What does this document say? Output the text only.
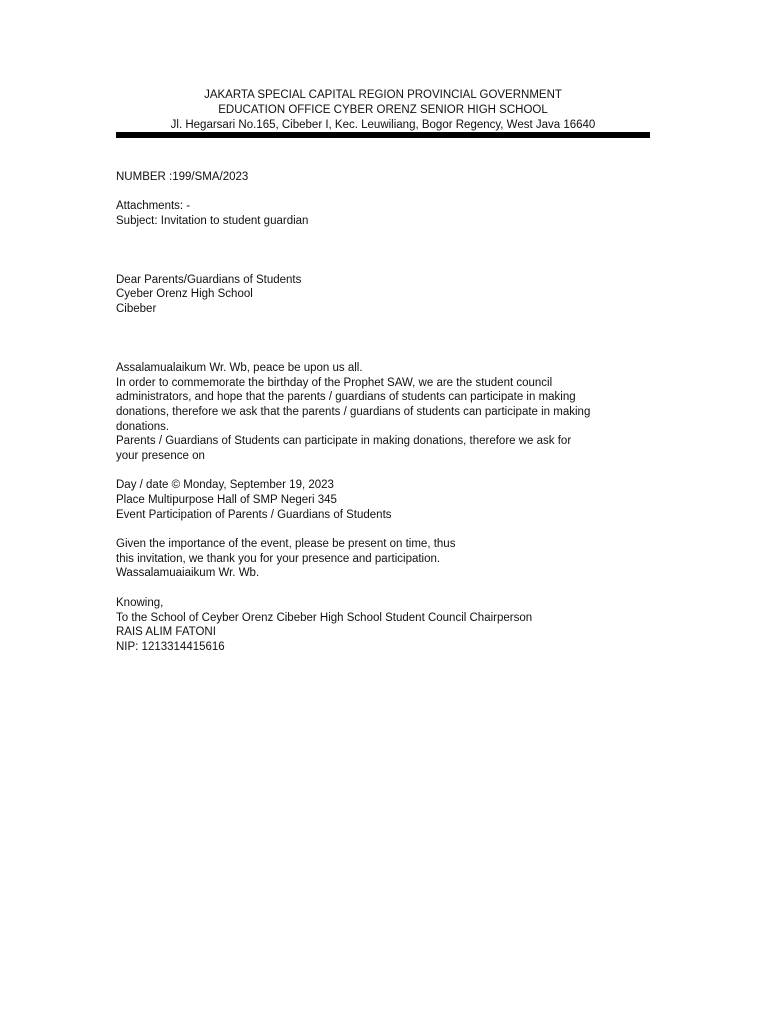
JAKARTA SPECIAL CAPITAL REGION PROVINCIAL GOVERNMENT
EDUCATION OFFICE CYBER ORENZ SENIOR HIGH SCHOOL
Jl. Hegarsari No.165, Cibeber I, Kec. Leuwiliang, Bogor Regency, West Java 16640
NUMBER :199/SMA/2023
Attachments: -
Subject: Invitation to student guardian
Dear Parents/Guardians of Students
Cyeber Orenz High School
Cibeber
Assalamualaikum Wr. Wb, peace be upon us all.
In order to commemorate the birthday of the Prophet SAW, we are the student council
administrators, and hope that the parents / guardians of students can participate in making
donations, therefore we ask that the parents / guardians of students can participate in making
donations.
Parents / Guardians of Students can participate in making donations, therefore we ask for
your presence on
Day / date © Monday, September 19, 2023
Place Multipurpose Hall of SMP Negeri 345
Event Participation of Parents / Guardians of Students
Given the importance of the event, please be present on time, thus
this invitation, we thank you for your presence and participation.
Wassalamuaiaikum Wr. Wb.
Knowing,
To the School of Ceyber Orenz Cibeber High School Student Council Chairperson
RAIS ALIM FATONI
NIP: 1213314415616
